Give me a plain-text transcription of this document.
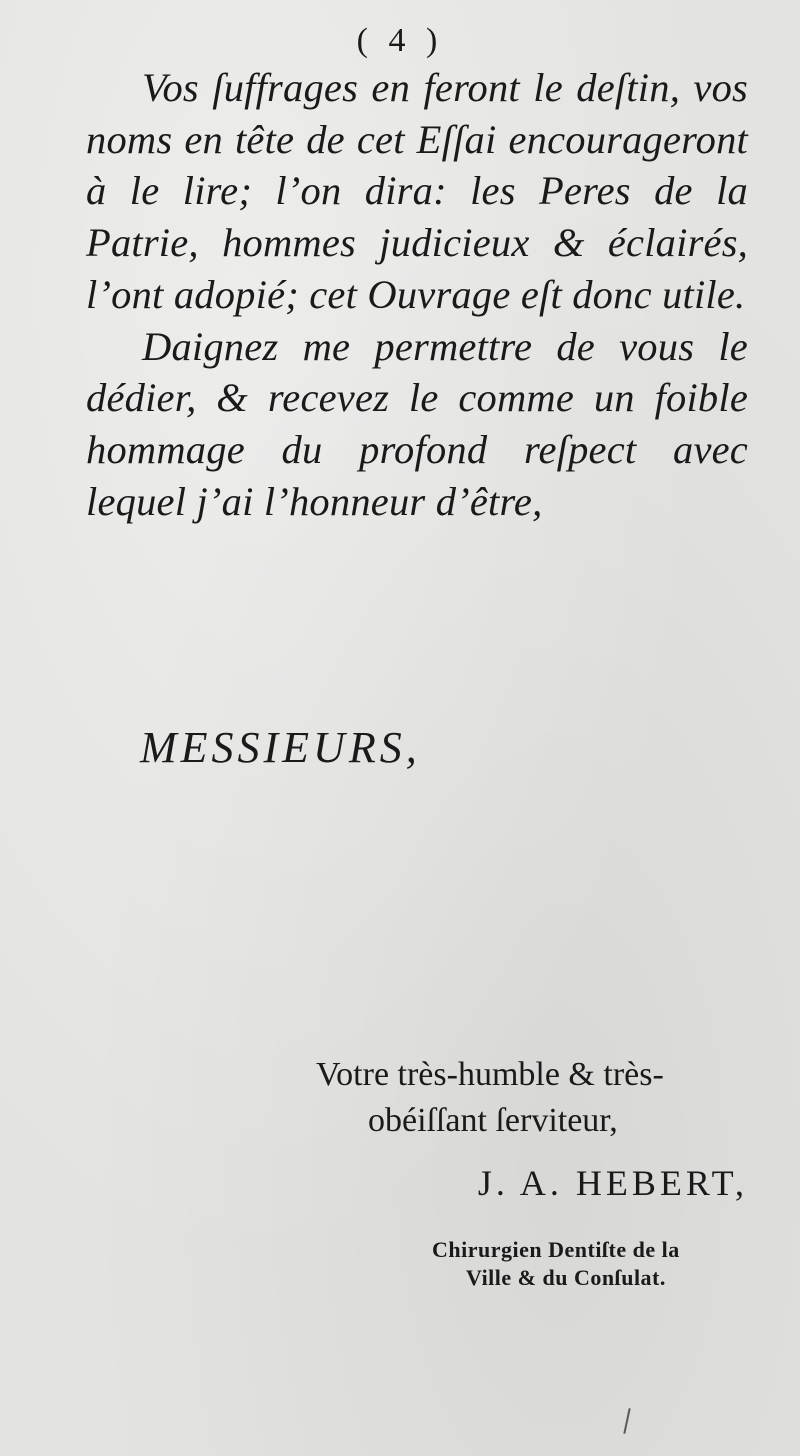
( 4 )

Vos ſuffrages en feront le deſtin, vos noms en tête de cet Eſſai encourageront à le lire; l’on dira: les Peres de la Patrie, hommes judicieux & éclairés, l’ont adopié; cet Ouvrage eſt donc utile.

Daignez me permettre de vous le dédier, & recevez le comme un foible hommage du profond reſpect avec lequel j’ai l’honneur d’être,

MESSIEURS,
Votre très-humble & très-
obéiſſant ſerviteur,
J. A. HEBERT,
Chirurgien Dentiſte de la
Ville & du Conſulat.
